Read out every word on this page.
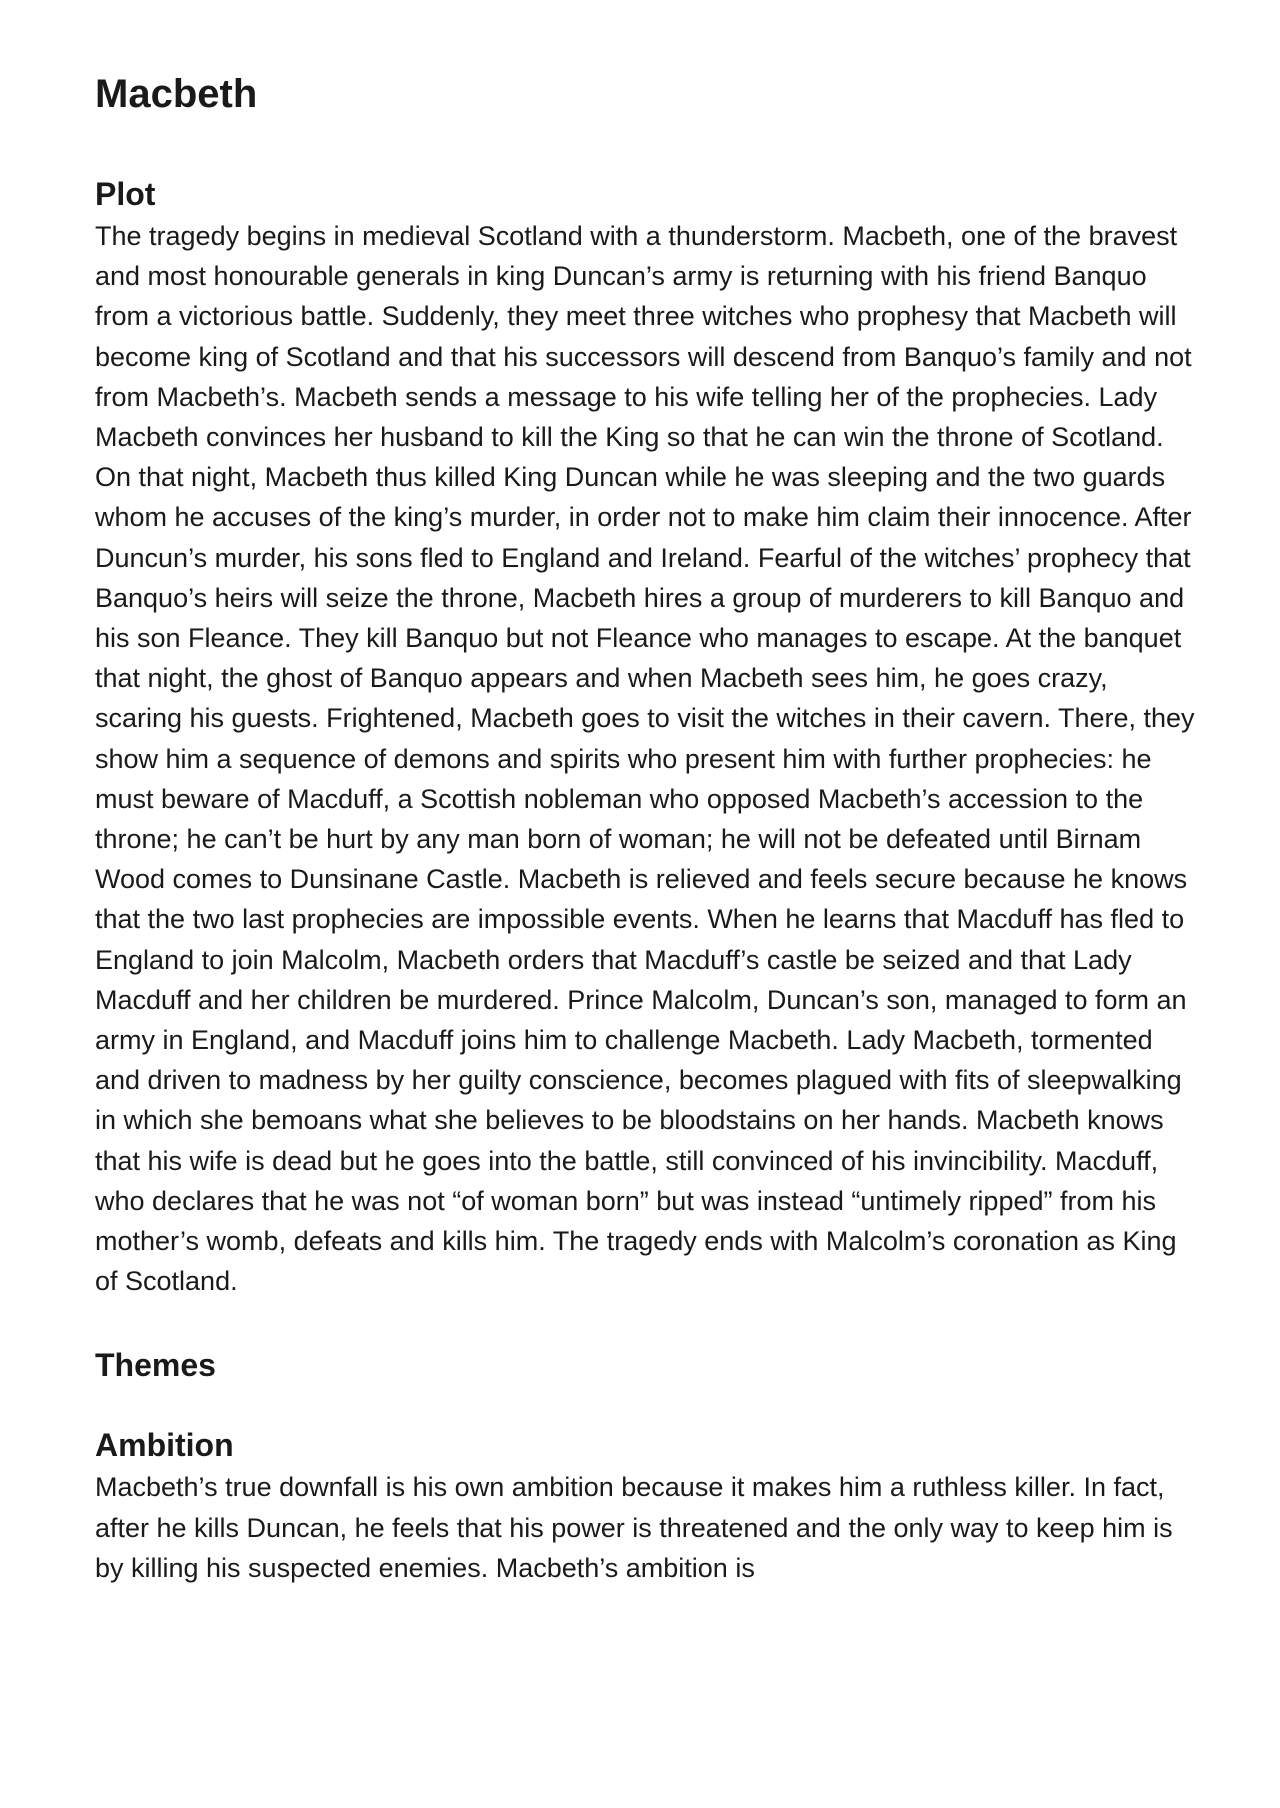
Macbeth
Plot

The tragedy begins in medieval Scotland with a thunderstorm. Macbeth, one of the bravest and most honourable generals in king Duncan’s army is returning with his friend Banquo from a victorious battle. Suddenly, they meet three witches who prophesy that Macbeth will become king of Scotland and that his successors will descend from Banquo’s family and not from Macbeth’s. Macbeth sends a message to his wife telling her of the prophecies. Lady Macbeth convinces her husband to kill the King so that he can win the throne of Scotland. On that night, Macbeth thus killed King Duncan while he was sleeping and the two guards whom he accuses of the king’s murder, in order not to make him claim their innocence. After Duncun’s murder, his sons fled to England and Ireland. Fearful of the witches’ prophecy that Banquo’s heirs will seize the throne, Macbeth hires a group of murderers to kill Banquo and his son Fleance. They kill Banquo but not Fleance who manages to escape. At the banquet that night, the ghost of Banquo appears and when Macbeth sees him, he goes crazy, scaring his guests. Frightened, Macbeth goes to visit the witches in their cavern. There, they show him a sequence of demons and spirits who present him with further prophecies: he must beware of Macduff, a Scottish nobleman who opposed Macbeth’s accession to the throne; he can’t be hurt by any man born of woman; he will not be defeated until Birnam Wood comes to Dunsinane Castle. Macbeth is relieved and feels secure because he knows that the two last prophecies are impossible events. When he learns that Macduff has fled to England to join Malcolm, Macbeth orders that Macduff’s castle be seized and that Lady Macduff and her children be murdered. Prince Malcolm, Duncan’s son, managed to form an army in England, and Macduff joins him to challenge Macbeth. Lady Macbeth, tormented and driven to madness by her guilty conscience, becomes plagued with fits of sleepwalking in which she bemoans what she believes to be bloodstains on her hands. Macbeth knows that his wife is dead but he goes into the battle, still convinced of his invincibility. Macduff, who declares that he was not “of woman born” but was instead “untimely ripped” from his mother’s womb, defeats and kills him. The tragedy ends with Malcolm’s coronation as King of Scotland.

Themes
Ambition

Macbeth’s true downfall is his own ambition because it makes him a ruthless killer. In fact, after he kills Duncan, he feels that his power is threatened and the only way to keep him is by killing his suspected enemies. Macbeth’s ambition is
